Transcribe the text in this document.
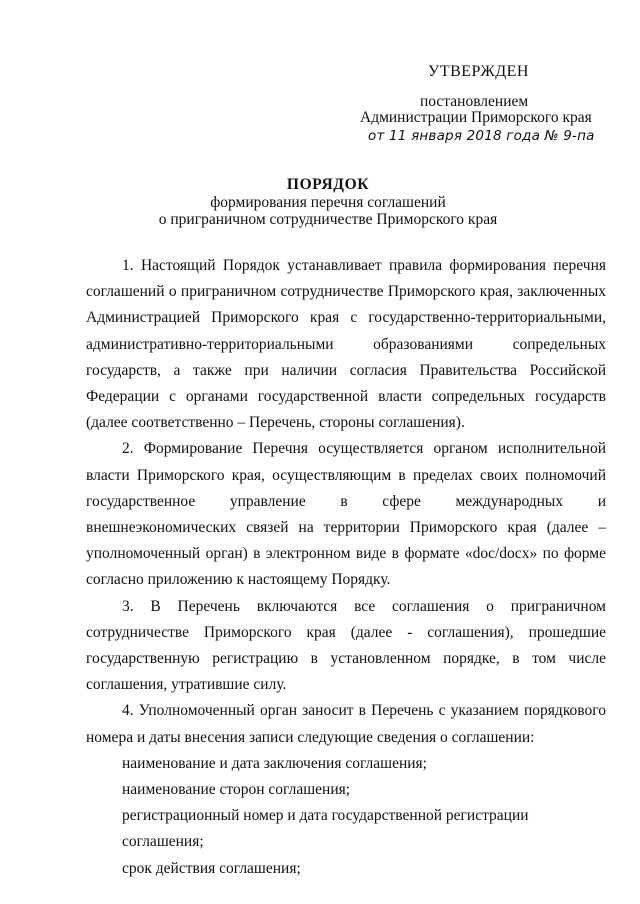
УТВЕРЖДЕН
постановлением
Администрации Приморского края
от 11 января 2018 года № 9-па
ПОРЯДОК
формирования перечня соглашений
о приграничном сотрудничестве Приморского края

1. Настоящий Порядок устанавливает правила формирования перечня соглашений о приграничном сотрудничестве Приморского края, заключенных Администрацией Приморского края с государственно-территориальными, административно-территориальными образованиями сопредельных государств, а также при наличии согласия Правительства Российской Федерации с органами государственной власти сопредельных государств (далее соответственно – Перечень, стороны соглашения).

2. Формирование Перечня осуществляется органом исполнительной власти Приморского края, осуществляющим в пределах своих полномочий государственное управление в сфере международных и внешнеэкономических связей на территории Приморского края (далее – уполномоченный орган) в электронном виде в формате «doc/docx» по форме согласно приложению к настоящему Порядку.

3. В Перечень включаются все соглашения о приграничном сотрудничестве Приморского края (далее - соглашения), прошедшие государственную регистрацию в установленном порядке, в том числе соглашения, утратившие силу.

4. Уполномоченный орган заносит в Перечень с указанием порядкового номера и даты внесения записи следующие сведения о соглашении:

наименование и дата заключения соглашения;

наименование сторон соглашения;

регистрационный номер и дата государственной регистрации соглашения;

срок действия соглашения;
